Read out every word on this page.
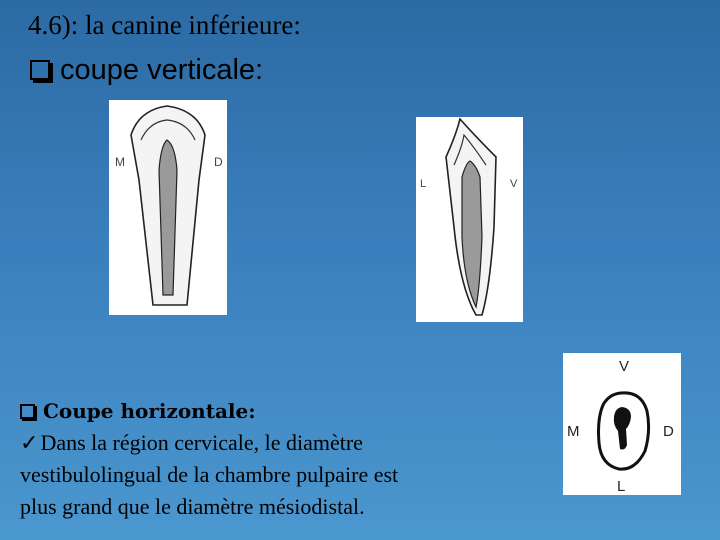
4.6): la canine inférieure:
coupe verticale:
M	D
L	V
V
M	D
L
Coupe horizontale:
✓Dans la région cervicale, le diamètre
vestibulolingual de la chambre pulpaire est
plus grand que le diamètre mésiodistal.
